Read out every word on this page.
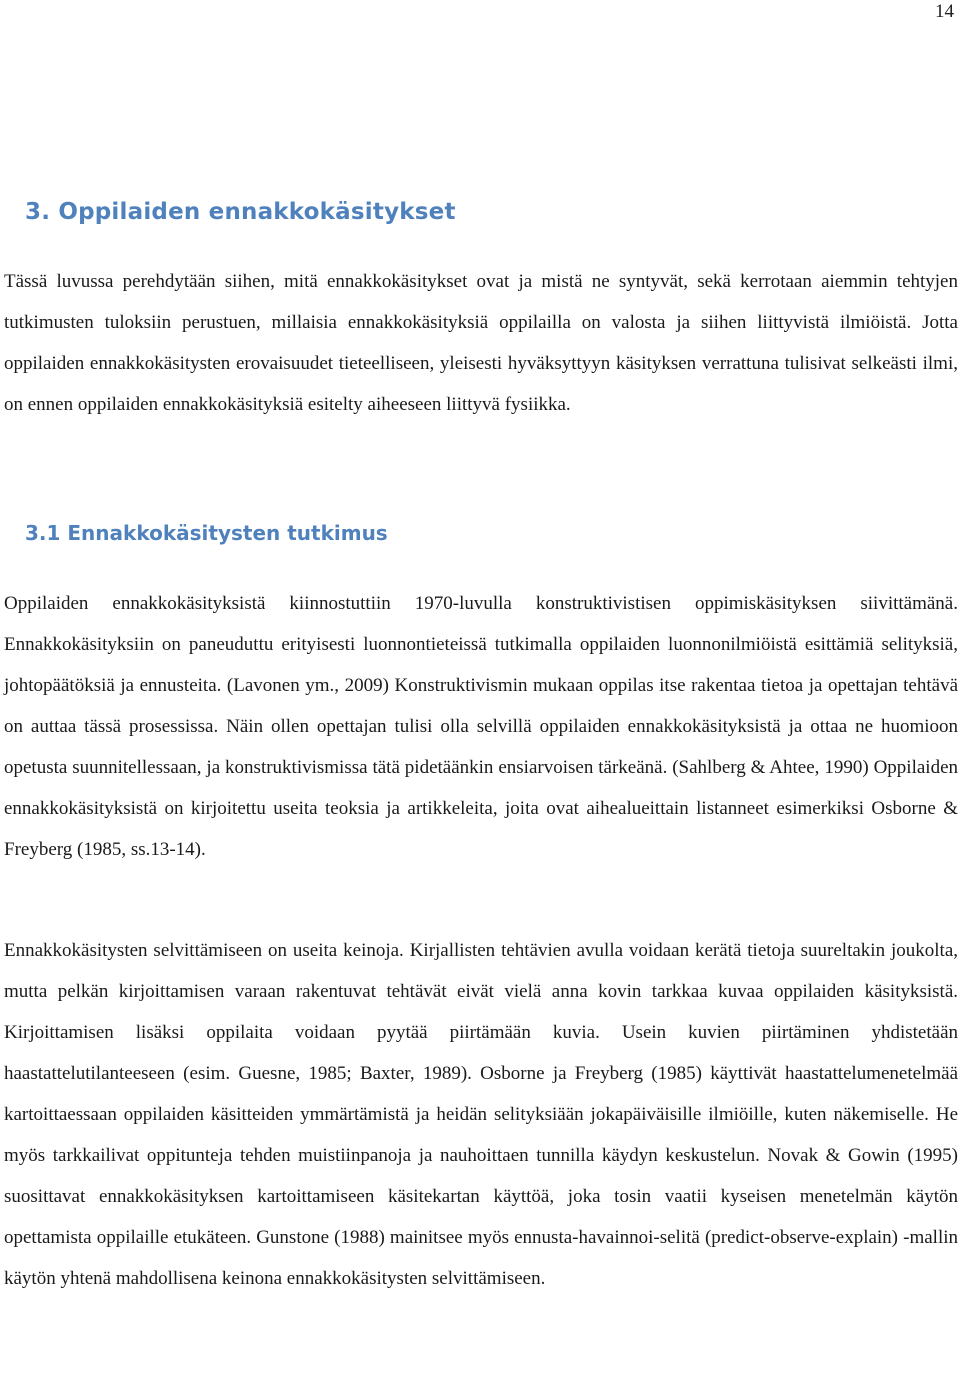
14
3. Oppilaiden ennakkokäsitykset

Tässä luvussa perehdytään siihen, mitä ennakkokäsitykset ovat ja mistä ne syntyvät, sekä kerrotaan aiemmin tehtyjen tutkimusten tuloksiin perustuen, millaisia ennakkokäsityksiä oppilailla on valosta ja siihen liittyvistä ilmiöistä. Jotta oppilaiden ennakkokäsitysten erovaisuudet tieteelliseen, yleisesti hyväksyttyyn käsityksen verrattuna tulisivat selkeästi ilmi, on ennen oppilaiden ennakkokäsityksiä esitelty aiheeseen liittyvä fysiikka.

3.1 Ennakkokäsitysten tutkimus

Oppilaiden ennakkokäsityksistä kiinnostuttiin 1970-luvulla konstruktivistisen oppimiskäsityksen siivittämänä. Ennakkokäsityksiin on paneuduttu erityisesti luonnontieteissä tutkimalla oppilaiden luonnonilmiöistä esittämiä selityksiä, johtopäätöksiä ja ennusteita. (Lavonen ym., 2009) Konstruktivismin mukaan oppilas itse rakentaa tietoa ja opettajan tehtävä on auttaa tässä prosessissa. Näin ollen opettajan tulisi olla selvillä oppilaiden ennakkokäsityksistä ja ottaa ne huomioon opetusta suunnitellessaan, ja konstruktivismissa tätä pidetäänkin ensiarvoisen tärkeänä. (Sahlberg & Ahtee, 1990) Oppilaiden ennakkokäsityksistä on kirjoitettu useita teoksia ja artikkeleita, joita ovat aihealueittain listanneet esimerkiksi Osborne & Freyberg (1985, ss.13-14).

Ennakkokäsitysten selvittämiseen on useita keinoja. Kirjallisten tehtävien avulla voidaan kerätä tietoja suureltakin joukolta, mutta pelkän kirjoittamisen varaan rakentuvat tehtävät eivät vielä anna kovin tarkkaa kuvaa oppilaiden käsityksistä. Kirjoittamisen lisäksi oppilaita voidaan pyytää piirtämään kuvia. Usein kuvien piirtäminen yhdistetään haastattelutilanteeseen (esim. Guesne, 1985; Baxter, 1989). Osborne ja Freyberg (1985) käyttivät haastattelumenetelmää kartoittaessaan oppilaiden käsitteiden ymmärtämistä ja heidän selityksiään jokapäiväisille ilmiöille, kuten näkemiselle. He myös tarkkailivat oppitunteja tehden muistiinpanoja ja nauhoittaen tunnilla käydyn keskustelun. Novak & Gowin (1995) suosittavat ennakkokäsityksen kartoittamiseen käsitekartan käyttöä, joka tosin vaatii kyseisen menetelmän käytön opettamista oppilaille etukäteen. Gunstone (1988) mainitsee myös ennusta-havainnoi-selitä (predict-observe-explain) -mallin käytön yhtenä mahdollisena keinona ennakkokäsitysten selvittämiseen.
